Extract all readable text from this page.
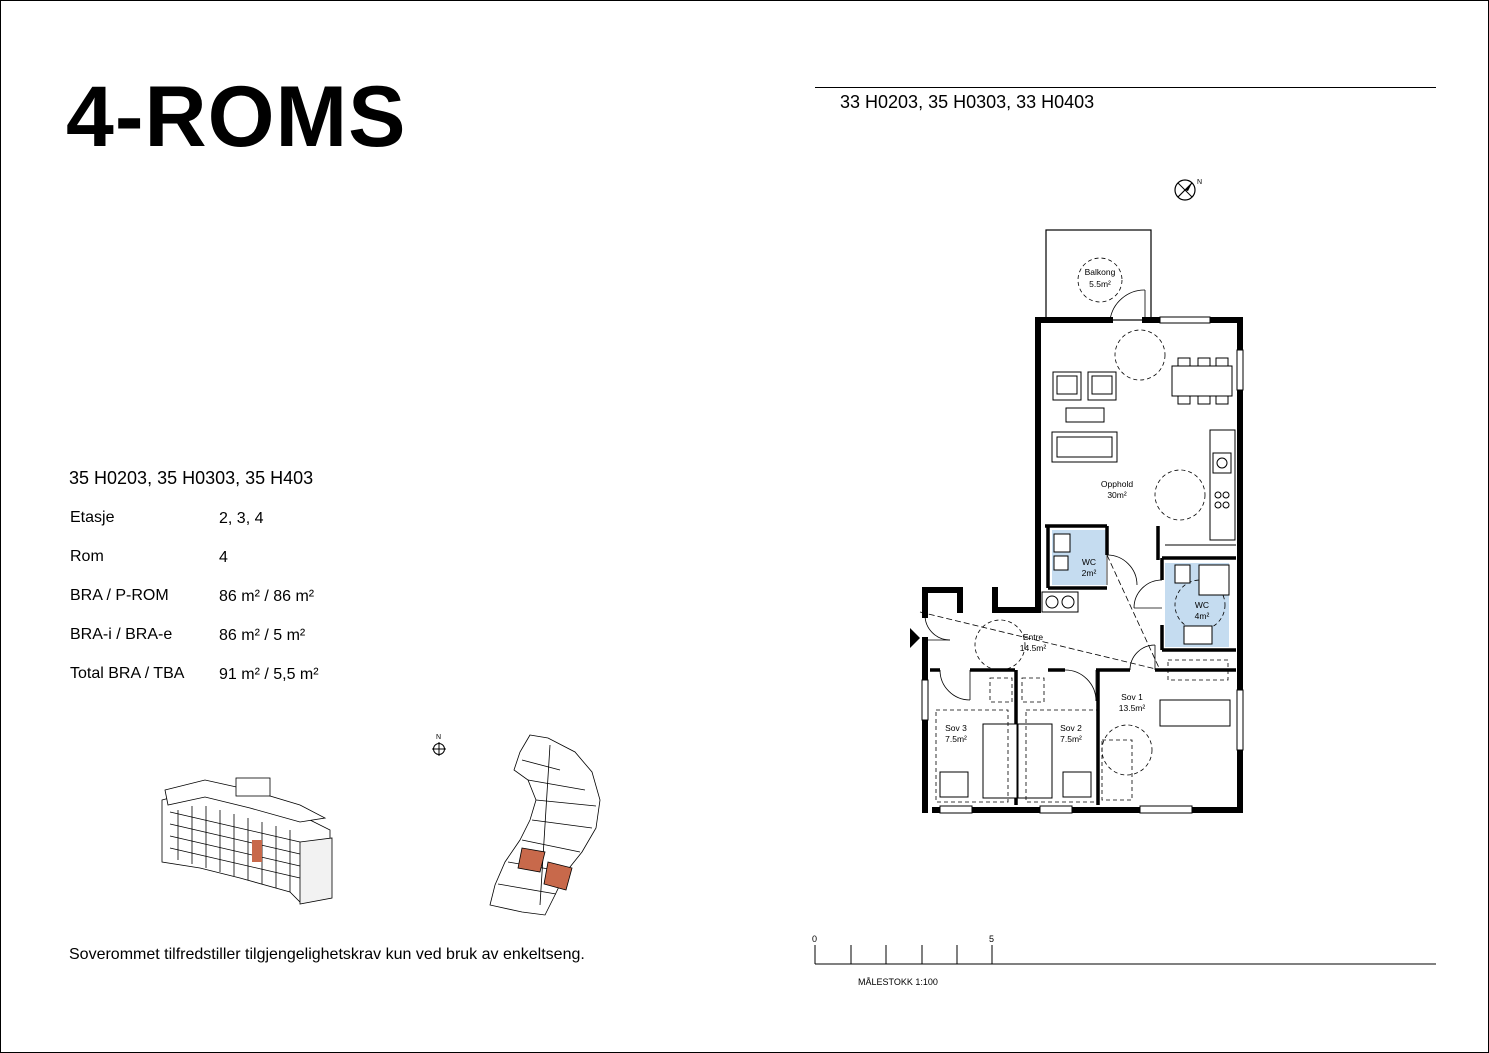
4-ROMS	33 H0203, 35 H0303, 33 H0403
35 H0203, 35 H0303, 35 H403
Etasje	2, 3, 4
Rom	4
BRA / P-ROM	86 m² / 86 m²
BRA-i / BRA-e	86 m² / 5 m²
Total BRA / TBA 91 m² / 5,5 m²
Soverommet tilfredstiller tilgjengelighetskrav kun ved bruk av enkeltseng.
N
N
Balkong
5.5m²
Opphold
30m²
WC
2m²
WC
4m²
Entre
14.5m²
Sov 1
13.5m²
Sov 2
7.5m²
Sov 3
7.5m²
0	5
MÅLESTOKK 1:100
